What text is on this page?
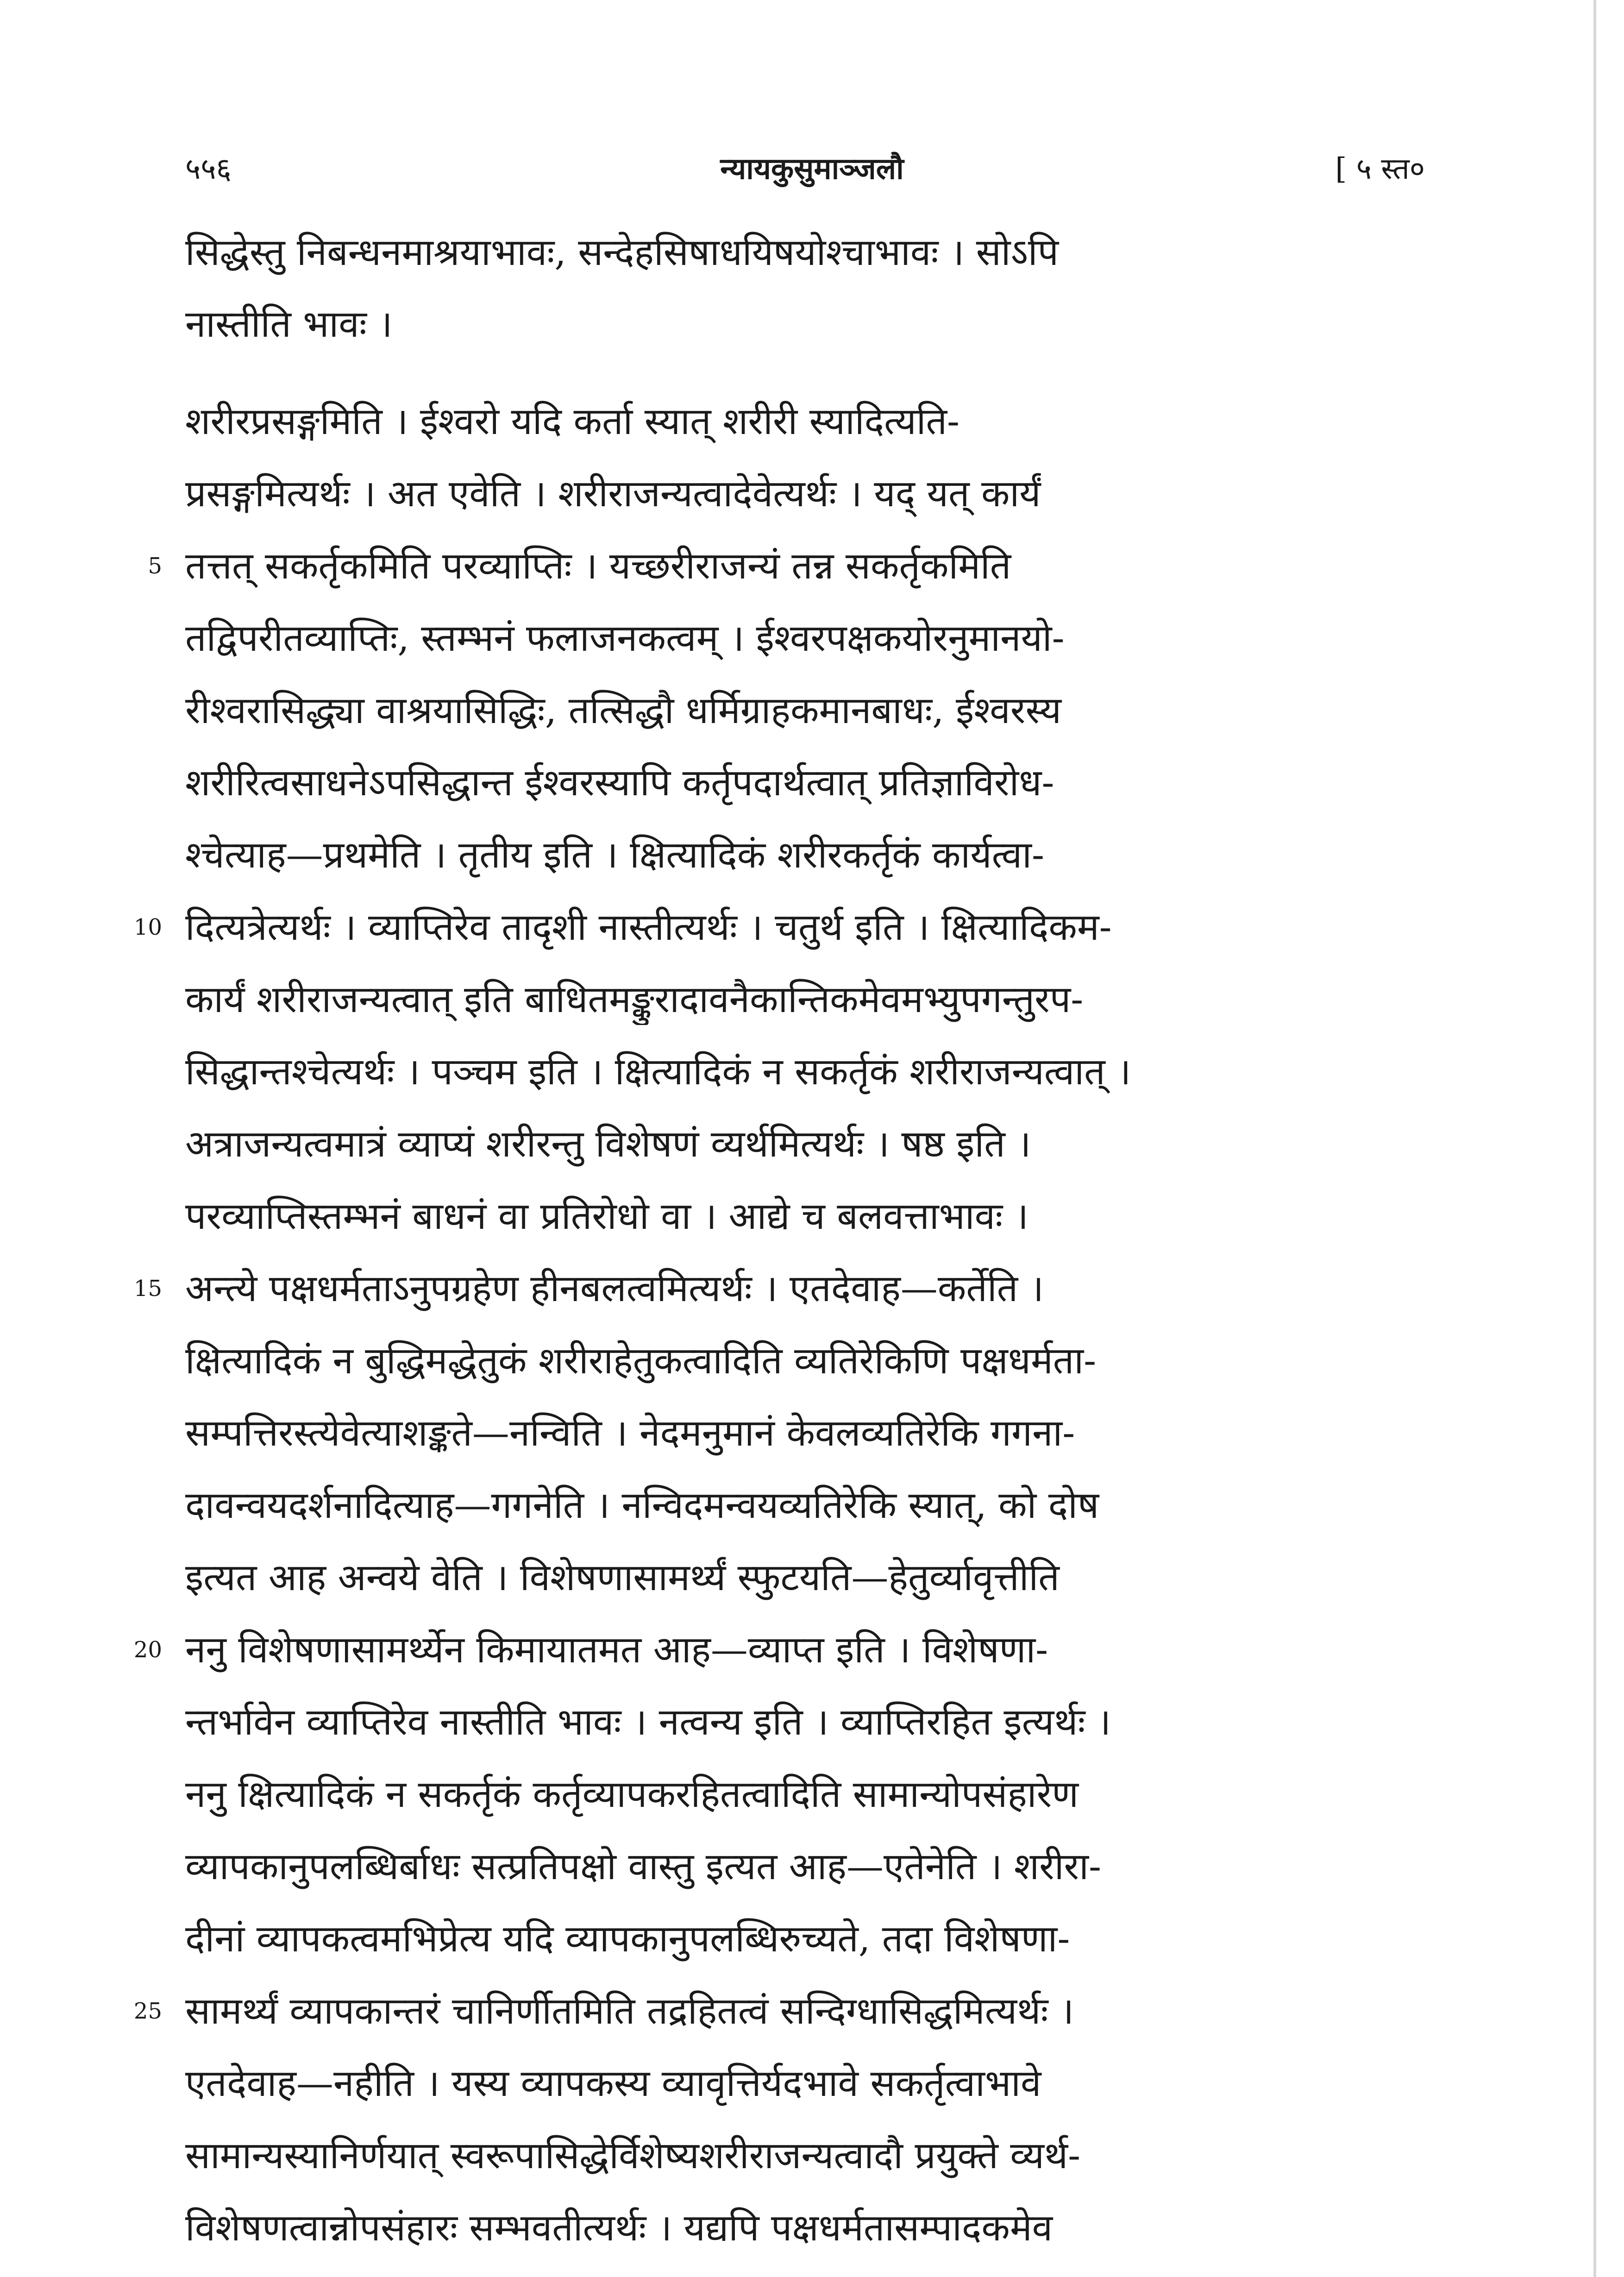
५५६	न्यायकुसुमाञ्जलौ	[ ५ स्त०
सिद्धेस्तु निबन्धनमाश्रयाभावः, सन्देहसिषाधयिषयोश्चाभावः । सोऽपि
नास्तीति भावः ।
शरीरप्रसङ्गमिति । ईश्वरो यदि कर्ता स्यात् शरीरी स्यादित्यति-
प्रसङ्गमित्यर्थः । अत एवेति । शरीराजन्यत्वादेवेत्यर्थः । यद् यत् कार्यं
तत्तत् सकर्तृकमिति परव्याप्तिः । यच्छरीराजन्यं तन्न सकर्तृकमिति
तद्विपरीतव्याप्तिः, स्तम्भनं फलाजनकत्वम् । ईश्वरपक्षकयोरनुमानयो-
रीश्वरासिद्ध्या वाश्रयासिद्धिः, तत्सिद्धौ धर्मिग्राहकमानबाधः, ईश्वरस्य
शरीरित्वसाधनेऽपसिद्धान्त ईश्वरस्यापि कर्तृपदार्थत्वात् प्रतिज्ञाविरोध-
श्चेत्याह—प्रथमेति । तृतीय इति । क्षित्यादिकं शरीरकर्तृकं कार्यत्वा-
दित्यत्रेत्यर्थः । व्याप्तिरेव तादृशी नास्तीत्यर्थः । चतुर्थ इति । क्षित्यादिकम-
कार्यं शरीराजन्यत्वात् इति बाधितमङ्कुरादावनैकान्तिकमेवमभ्युपगन्तुरप-
सिद्धान्तश्चेत्यर्थः । पञ्चम इति । क्षित्यादिकं न सकर्तृकं शरीराजन्यत्वात् ।
अत्राजन्यत्वमात्रं व्याप्यं शरीरन्तु विशेषणं व्यर्थमित्यर्थः । षष्ठ इति ।
परव्याप्तिस्तम्भनं बाधनं वा प्रतिरोधो वा । आद्ये च बलवत्ताभावः ।
अन्त्ये पक्षधर्मताऽनुपग्रहेण हीनबलत्वमित्यर्थः । एतदेवाह—कर्तेति ।
क्षित्यादिकं न बुद्धिमद्धेतुकं शरीराहेतुकत्वादिति व्यतिरेकिणि पक्षधर्मता-
सम्पत्तिरस्त्येवेत्याशङ्कते—नन्विति । नेदमनुमानं केवलव्यतिरेकि गगना-
दावन्वयदर्शनादित्याह—गगनेति । नन्विदमन्वयव्यतिरेकि स्यात्, को दोष
इत्यत आह अन्वये वेति । विशेषणासामर्थ्यं स्फुटयति—हेतुर्व्यावृत्तीति
ननु विशेषणासामर्थ्येन किमायातमत आह—व्याप्त इति । विशेषणा-
न्तर्भावेन व्याप्तिरेव नास्तीति भावः । नत्वन्य इति । व्याप्तिरहित इत्यर्थः ।
ननु क्षित्यादिकं न सकर्तृकं कर्तृव्यापकरहितत्वादिति सामान्योपसंहारेण
व्यापकानुपलब्धिर्बाधः सत्प्रतिपक्षो वास्तु इत्यत आह—एतेनेति । शरीरा-
दीनां व्यापकत्वमभिप्रेत्य यदि व्यापकानुपलब्धिरुच्यते, तदा विशेषणा-
सामर्थ्यं व्यापकान्तरं चानिर्णीतमिति तद्रहितत्वं सन्दिग्धासिद्धमित्यर्थः ।
एतदेवाह—नहीति । यस्य व्यापकस्य व्यावृत्तिर्यदभावे सकर्तृत्वाभावे
सामान्यस्यानिर्णयात् स्वरूपासिद्धेर्विशेष्यशरीराजन्यत्वादौ प्रयुक्ते व्यर्थ-
विशेषणत्वान्नोपसंहारः सम्भवतीत्यर्थः । यद्यपि पक्षधर्मतासम्पादकमेव
5
10
15
20
25
